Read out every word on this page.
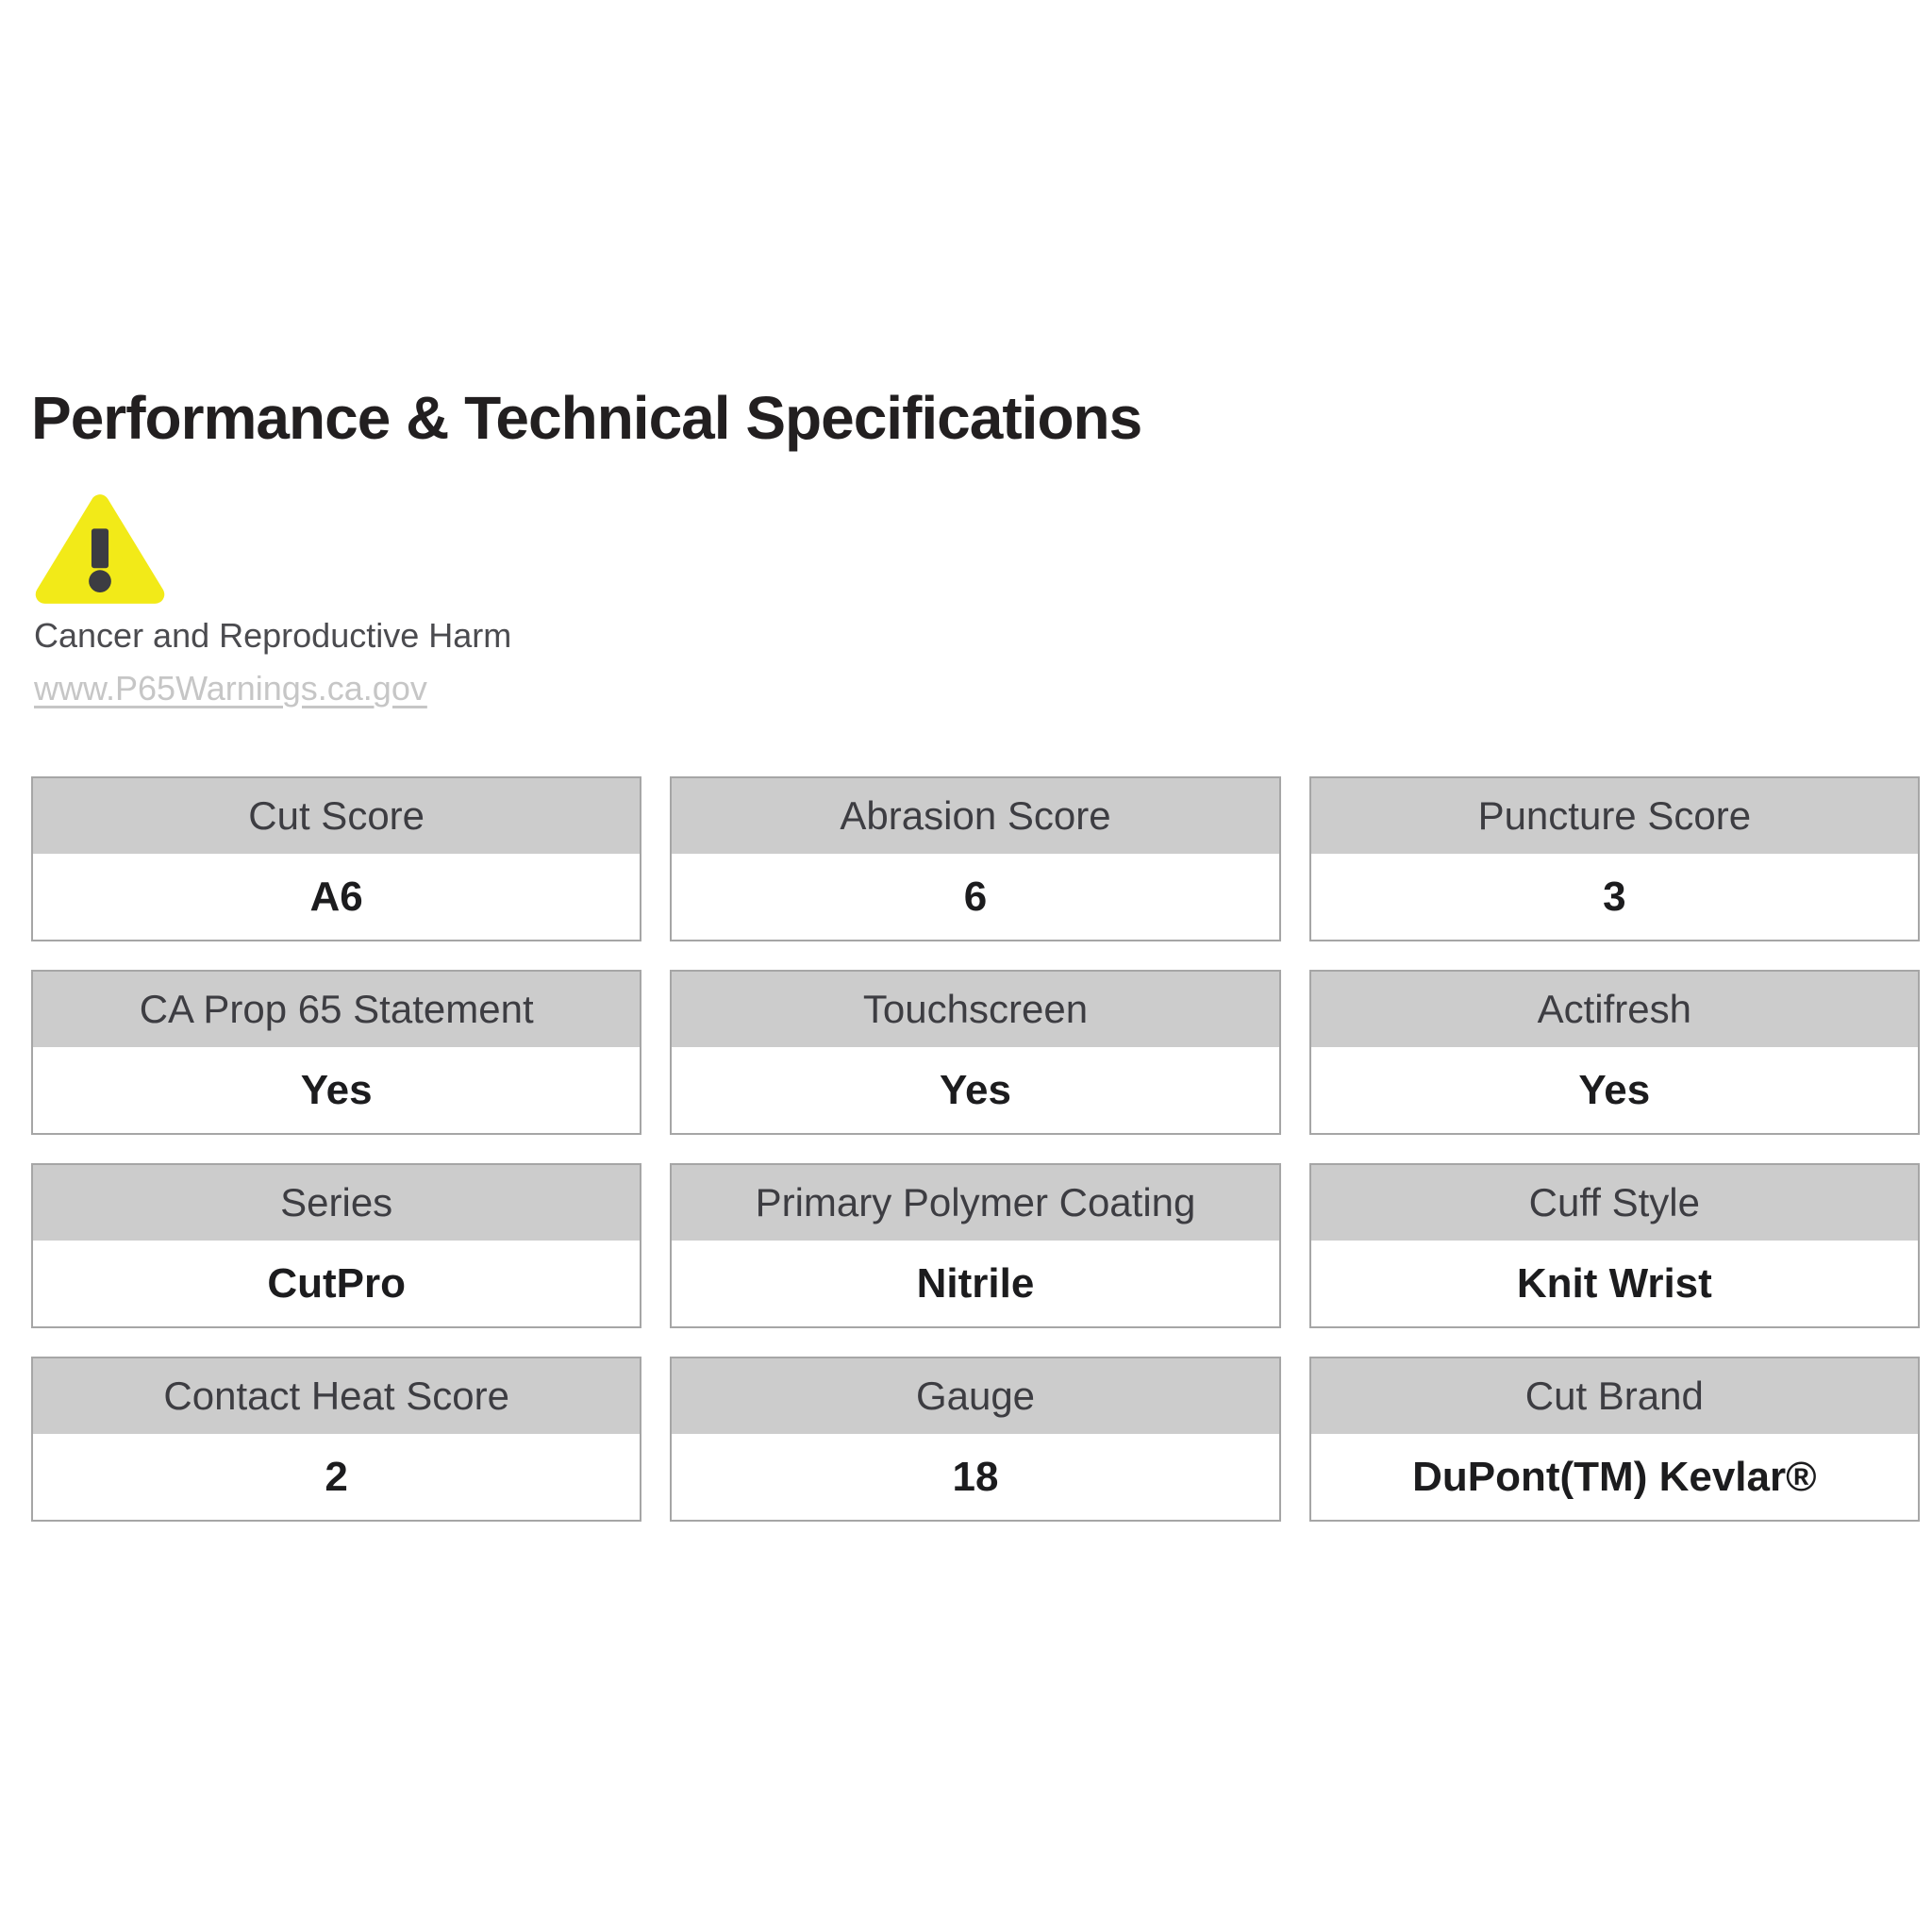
Performance & Technical Specifications
Cancer and Reproductive Harm
www.P65Warnings.ca.gov
Cut Score
A6
Abrasion Score
6
Puncture Score
3
CA Prop 65 Statement
Yes
Touchscreen
Yes
Actifresh
Yes
Series
CutPro
Primary Polymer Coating
Nitrile
Cuff Style
Knit Wrist
Contact Heat Score
2
Gauge
18
Cut Brand
DuPont(TM) Kevlar®
